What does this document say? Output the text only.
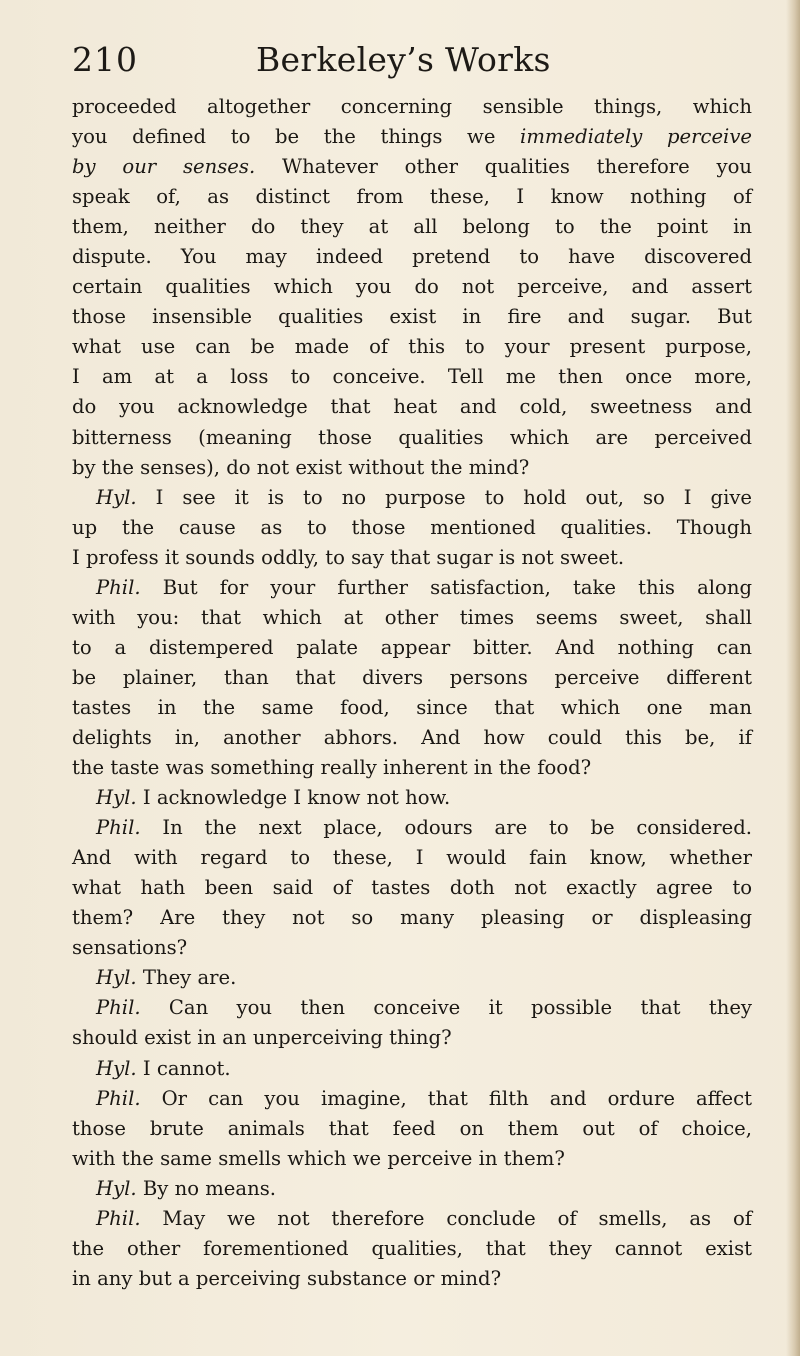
210	Berkeley’s Works
proceeded altogether concerning sensible things, which
you defined to be the things we immediately perceive
by our senses. Whatever other qualities therefore you
speak of, as distinct from these, I know nothing of
them, neither do they at all belong to the point in
dispute. You may indeed pretend to have discovered
certain qualities which you do not perceive, and assert
those insensible qualities exist in fire and sugar. But
what use can be made of this to your present purpose,
I am at a loss to conceive. Tell me then once more,
do you acknowledge that heat and cold, sweetness and
bitterness (meaning those qualities which are perceived
by the senses), do not exist without the mind?
Hyl. I see it is to no purpose to hold out, so I give
up the cause as to those mentioned qualities. Though
I profess it sounds oddly, to say that sugar is not sweet.
Phil. But for your further satisfaction, take this along
with you: that which at other times seems sweet, shall
to a distempered palate appear bitter. And nothing can
be plainer, than that divers persons perceive different
tastes in the same food, since that which one man
delights in, another abhors. And how could this be, if
the taste was something really inherent in the food?
Hyl. I acknowledge I know not how.
Phil. In the next place, odours are to be considered.
And with regard to these, I would fain know, whether
what hath been said of tastes doth not exactly agree to
them? Are they not so many pleasing or displeasing
sensations?
Hyl. They are.
Phil. Can you then conceive it possible that they
should exist in an unperceiving thing?
Hyl. I cannot.
Phil. Or can you imagine, that filth and ordure affect
those brute animals that feed on them out of choice,
with the same smells which we perceive in them?
Hyl. By no means.
Phil. May we not therefore conclude of smells, as of
the other forementioned qualities, that they cannot exist
in any but a perceiving substance or mind?
